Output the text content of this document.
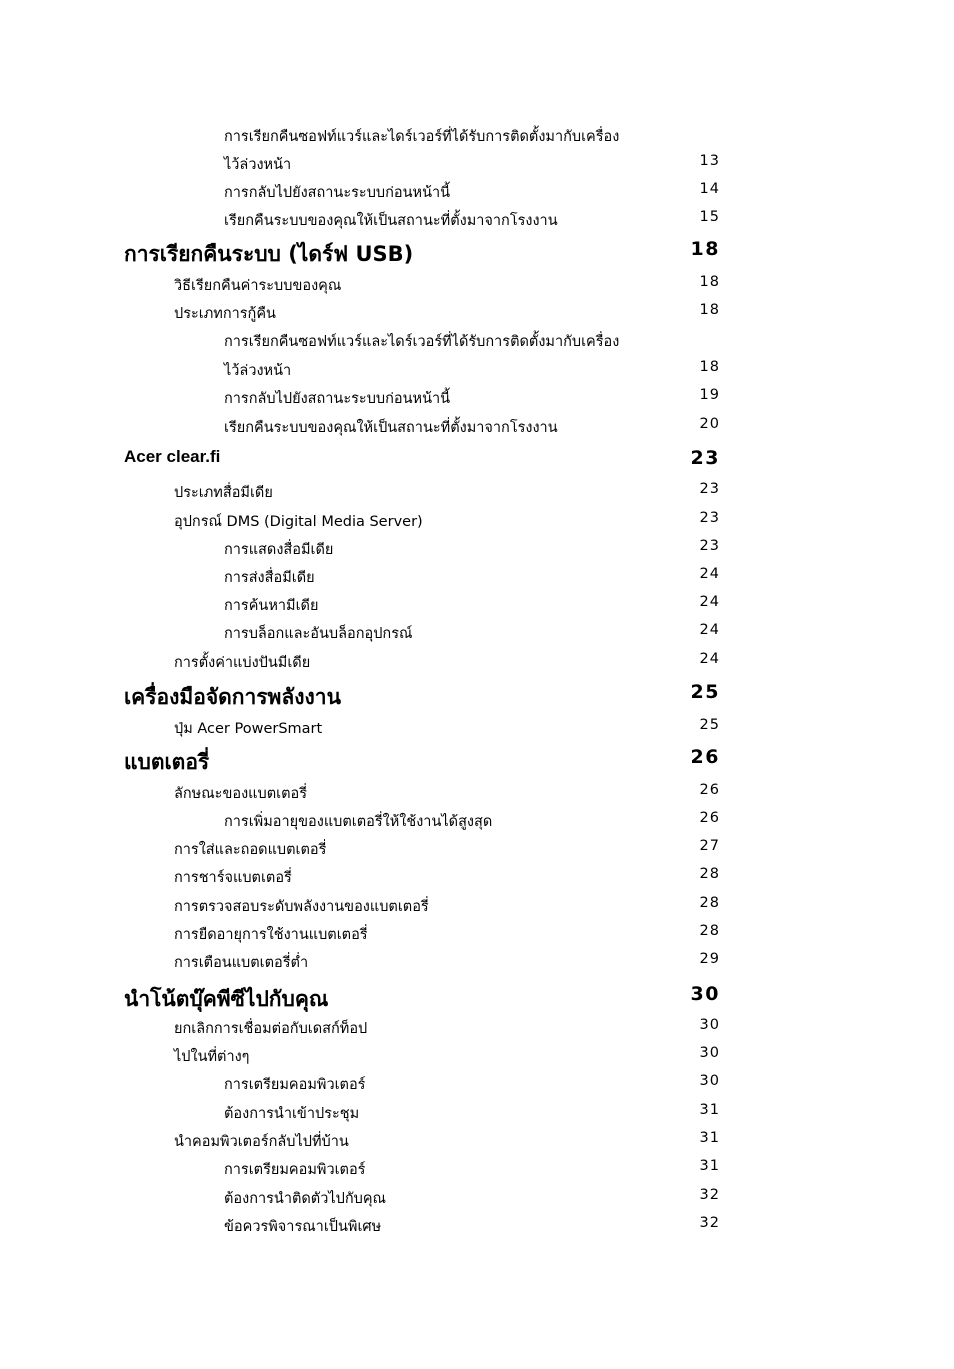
การเรียกคืนซอฟท์แวร์และไดร์เวอร์ที่ได้รับการติดตั้งมากับเครื่อง
ไว้ล่วงหน้า	13
การกลับไปยังสถานะระบบก่อนหน้านี้	14
เรียกคืนระบบของคุณให้เป็นสถานะที่ตั้งมาจากโรงงาน	15
การเรียกคืนระบบ (ไดร์ฟ USB)	18
วิธีเรียกคืนค่าระบบของคุณ	18
ประเภทการกู้คืน	18
การเรียกคืนซอฟท์แวร์และไดร์เวอร์ที่ได้รับการติดตั้งมากับเครื่อง
ไว้ล่วงหน้า	18
การกลับไปยังสถานะระบบก่อนหน้านี้	19
เรียกคืนระบบของคุณให้เป็นสถานะที่ตั้งมาจากโรงงาน	20
Acer clear.fi	23
ประเภทสื่อมีเดีย	23
อุปกรณ์ DMS (Digital Media Server)	23
การแสดงสื่อมีเดีย	23
การส่งสื่อมีเดีย	24
การค้นหามีเดีย	24
การบล็อกและอันบล็อกอุปกรณ์	24
การตั้งค่าแบ่งปันมีเดีย	24
เครื่องมือจัดการพลังงาน	25
ปุ่ม Acer PowerSmart	25
แบตเตอรี่	26
ลักษณะของแบตเตอรี่	26
การเพิ่มอายุของแบตเตอรี่ให้ใช้งานได้สูงสุด	26
การใส่และถอดแบตเตอรี่	27
การชาร์จแบตเตอรี่	28
การตรวจสอบระดับพลังงานของแบตเตอรี่	28
การยืดอายุการใช้งานแบตเตอรี่	28
การเตือนแบตเตอรี่ต่ำ	29
นำโน้ตบุ๊คพีซีไปกับคุณ	30
ยกเลิกการเชื่อมต่อกับเดสก์ท็อป	30
ไปในที่ต่างๆ	30
การเตรียมคอมพิวเตอร์	30
ต้องการนำเข้าประชุม	31
นำคอมพิวเตอร์กลับไปที่บ้าน	31
การเตรียมคอมพิวเตอร์	31
ต้องการนำติดตัวไปกับคุณ	32
ข้อควรพิจารณาเป็นพิเศษ	32
